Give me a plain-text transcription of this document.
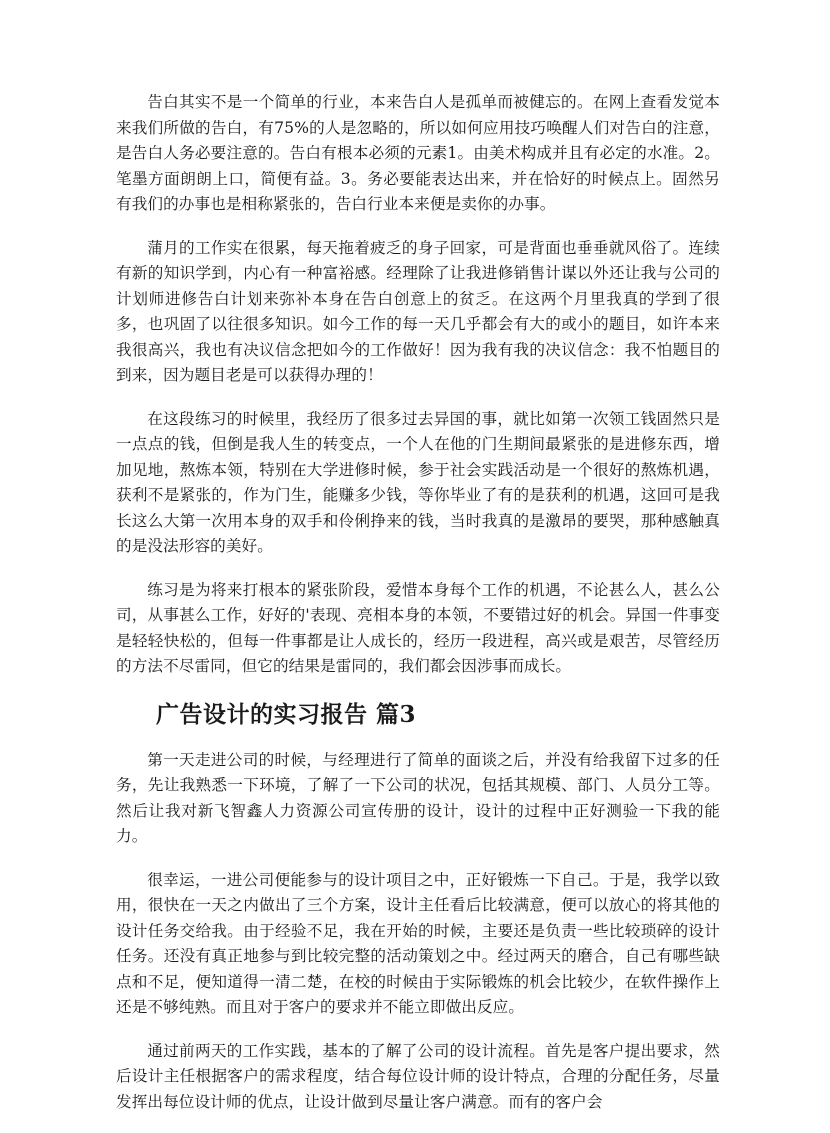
告白其实不是一个简单的行业，本来告白人是孤单而被健忘的。在网上查看发觉本来我们所做的告白，有75%的人是忽略的，所以如何应用技巧唤醒人们对告白的注意，是告白人务必要注意的。告白有根本必须的元素1。由美术构成并且有必定的水准。2。笔墨方面朗朗上口，简便有益。3。务必要能表达出来，并在恰好的时候点上。固然另有我们的办事也是相称紧张的，告白行业本来便是卖你的办事。

蒲月的工作实在很累，每天拖着疲乏的身子回家，可是背面也垂垂就风俗了。连续有新的知识学到，内心有一种富裕感。经理除了让我进修销售计谋以外还让我与公司的计划师进修告白计划来弥补本身在告白创意上的贫乏。在这两个月里我真的学到了很多，也巩固了以往很多知识。如今工作的每一天几乎都会有大的或小的题目，如许本来我很高兴，我也有决议信念把如今的工作做好！因为我有我的决议信念：我不怕题目的到来，因为题目老是可以获得办理的！

在这段练习的时候里，我经历了很多过去异国的事，就比如第一次领工钱固然只是一点点的钱，但倒是我人生的转变点，一个人在他的门生期间最紧张的是进修东西，增加见地，熬炼本领，特别在大学进修时候，参于社会实践活动是一个很好的熬炼机遇，获利不是紧张的，作为门生，能赚多少钱，等你毕业了有的是获利的机遇，这回可是我长这么大第一次用本身的双手和伶俐挣来的钱，当时我真的是激昂的要哭，那种感触真的是没法形容的美好。

练习是为将来打根本的紧张阶段，爱惜本身每个工作的机遇，不论甚么人，甚么公司，从事甚么工作，好好的'表现、亮相本身的本领，不要错过好的机会。异国一件事变是轻轻快松的，但每一件事都是让人成长的，经历一段进程，高兴或是艰苦，尽管经历的方法不尽雷同，但它的结果是雷同的，我们都会因涉事而成长。

广告设计的实习报告 篇3

第一天走进公司的时候，与经理进行了简单的面谈之后，并没有给我留下过多的任务，先让我熟悉一下环境，了解了一下公司的状况，包括其规模、部门、人员分工等。然后让我对新飞智鑫人力资源公司宣传册的设计，设计的过程中正好测验一下我的能力。

很幸运，一进公司便能参与的设计项目之中，正好锻炼一下自己。于是，我学以致用，很快在一天之内做出了三个方案，设计主任看后比较满意，便可以放心的将其他的设计任务交给我。由于经验不足，我在开始的时候，主要还是负责一些比较琐碎的设计任务。还没有真正地参与到比较完整的活动策划之中。经过两天的磨合，自己有哪些缺点和不足，便知道得一清二楚，在校的时候由于实际锻炼的机会比较少，在软件操作上还是不够纯熟。而且对于客户的要求并不能立即做出反应。

通过前两天的工作实践，基本的了解了公司的设计流程。首先是客户提出要求，然后设计主任根据客户的需求程度，结合每位设计师的设计特点，合理的分配任务，尽量发挥出每位设计师的优点，让设计做到尽量让客户满意。而有的客户会
